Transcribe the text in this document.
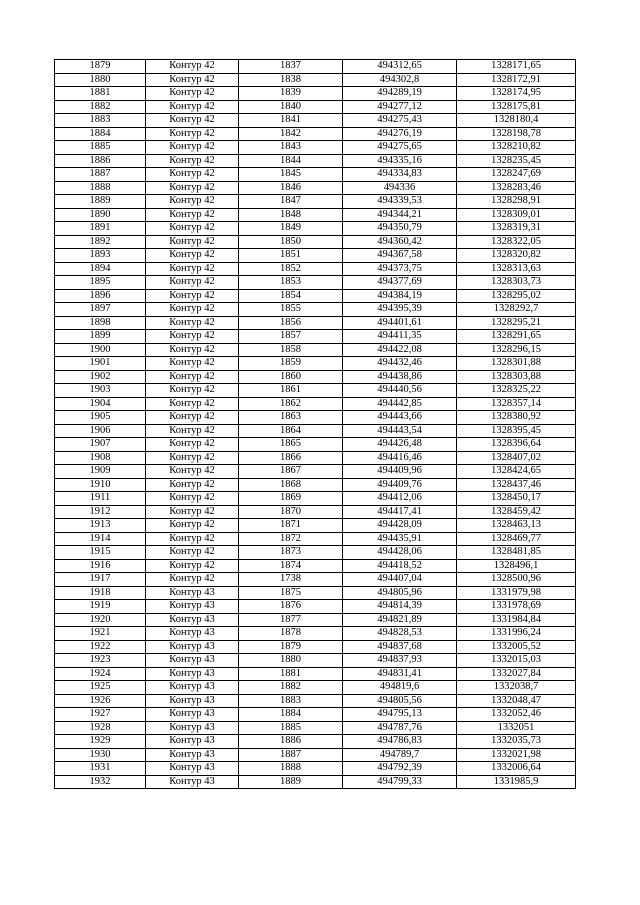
1879	Контур 42	1837	494312,65	1328171,65
1880	Контур 42	1838	494302,8	1328172,91
1881	Контур 42	1839	494289,19	1328174,95
1882	Контур 42	1840	494277,12	1328175,81
1883	Контур 42	1841	494275,43	1328180,4
1884	Контур 42	1842	494276,19	1328198,78
1885	Контур 42	1843	494275,65	1328210,82
1886	Контур 42	1844	494335,16	1328235,45
1887	Контур 42	1845	494334,83	1328247,69
1888	Контур 42	1846	494336	1328283,46
1889	Контур 42	1847	494339,53	1328298,91
1890	Контур 42	1848	494344,21	1328309,01
1891	Контур 42	1849	494350,79	1328319,31
1892	Контур 42	1850	494360,42	1328322,05
1893	Контур 42	1851	494367,58	1328320,82
1894	Контур 42	1852	494373,75	1328313,63
1895	Контур 42	1853	494377,69	1328303,73
1896	Контур 42	1854	494384,19	1328295,02
1897	Контур 42	1855	494395,39	1328292,7
1898	Контур 42	1856	494401,61	1328295,21
1899	Контур 42	1857	494411,35	1328291,65
1900	Контур 42	1858	494422,08	1328296,15
1901	Контур 42	1859	494432,46	1328301,88
1902	Контур 42	1860	494438,86	1328303,88
1903	Контур 42	1861	494440,56	1328325,22
1904	Контур 42	1862	494442,85	1328357,14
1905	Контур 42	1863	494443,66	1328380,92
1906	Контур 42	1864	494443,54	1328395,45
1907	Контур 42	1865	494426,48	1328396,64
1908	Контур 42	1866	494416,46	1328407,02
1909	Контур 42	1867	494409,96	1328424,65
1910	Контур 42	1868	494409,76	1328437,46
1911	Контур 42	1869	494412,06	1328450,17
1912	Контур 42	1870	494417,41	1328459,42
1913	Контур 42	1871	494428,09	1328463,13
1914	Контур 42	1872	494435,91	1328469,77
1915	Контур 42	1873	494428,06	1328481,85
1916	Контур 42	1874	494418,52	1328496,1
1917	Контур 42	1738	494407,04	1328500,96
1918	Контур 43	1875	494805,96	1331979,98
1919	Контур 43	1876	494814,39	1331978,69
1920	Контур 43	1877	494821,89	1331984,84
1921	Контур 43	1878	494828,53	1331996,24
1922	Контур 43	1879	494837,68	1332005,52
1923	Контур 43	1880	494837,93	1332015,03
1924	Контур 43	1881	494831,41	1332027,84
1925	Контур 43	1882	494819,6	1332038,7
1926	Контур 43	1883	494805,56	1332048,47
1927	Контур 43	1884	494795,13	1332052,46
1928	Контур 43	1885	494787,76	1332051
1929	Контур 43	1886	494786,83	1332035,73
1930	Контур 43	1887	494789,7	1332021,98
1931	Контур 43	1888	494792,39	1332006,64
1932	Контур 43	1889	494799,33	1331985,9
